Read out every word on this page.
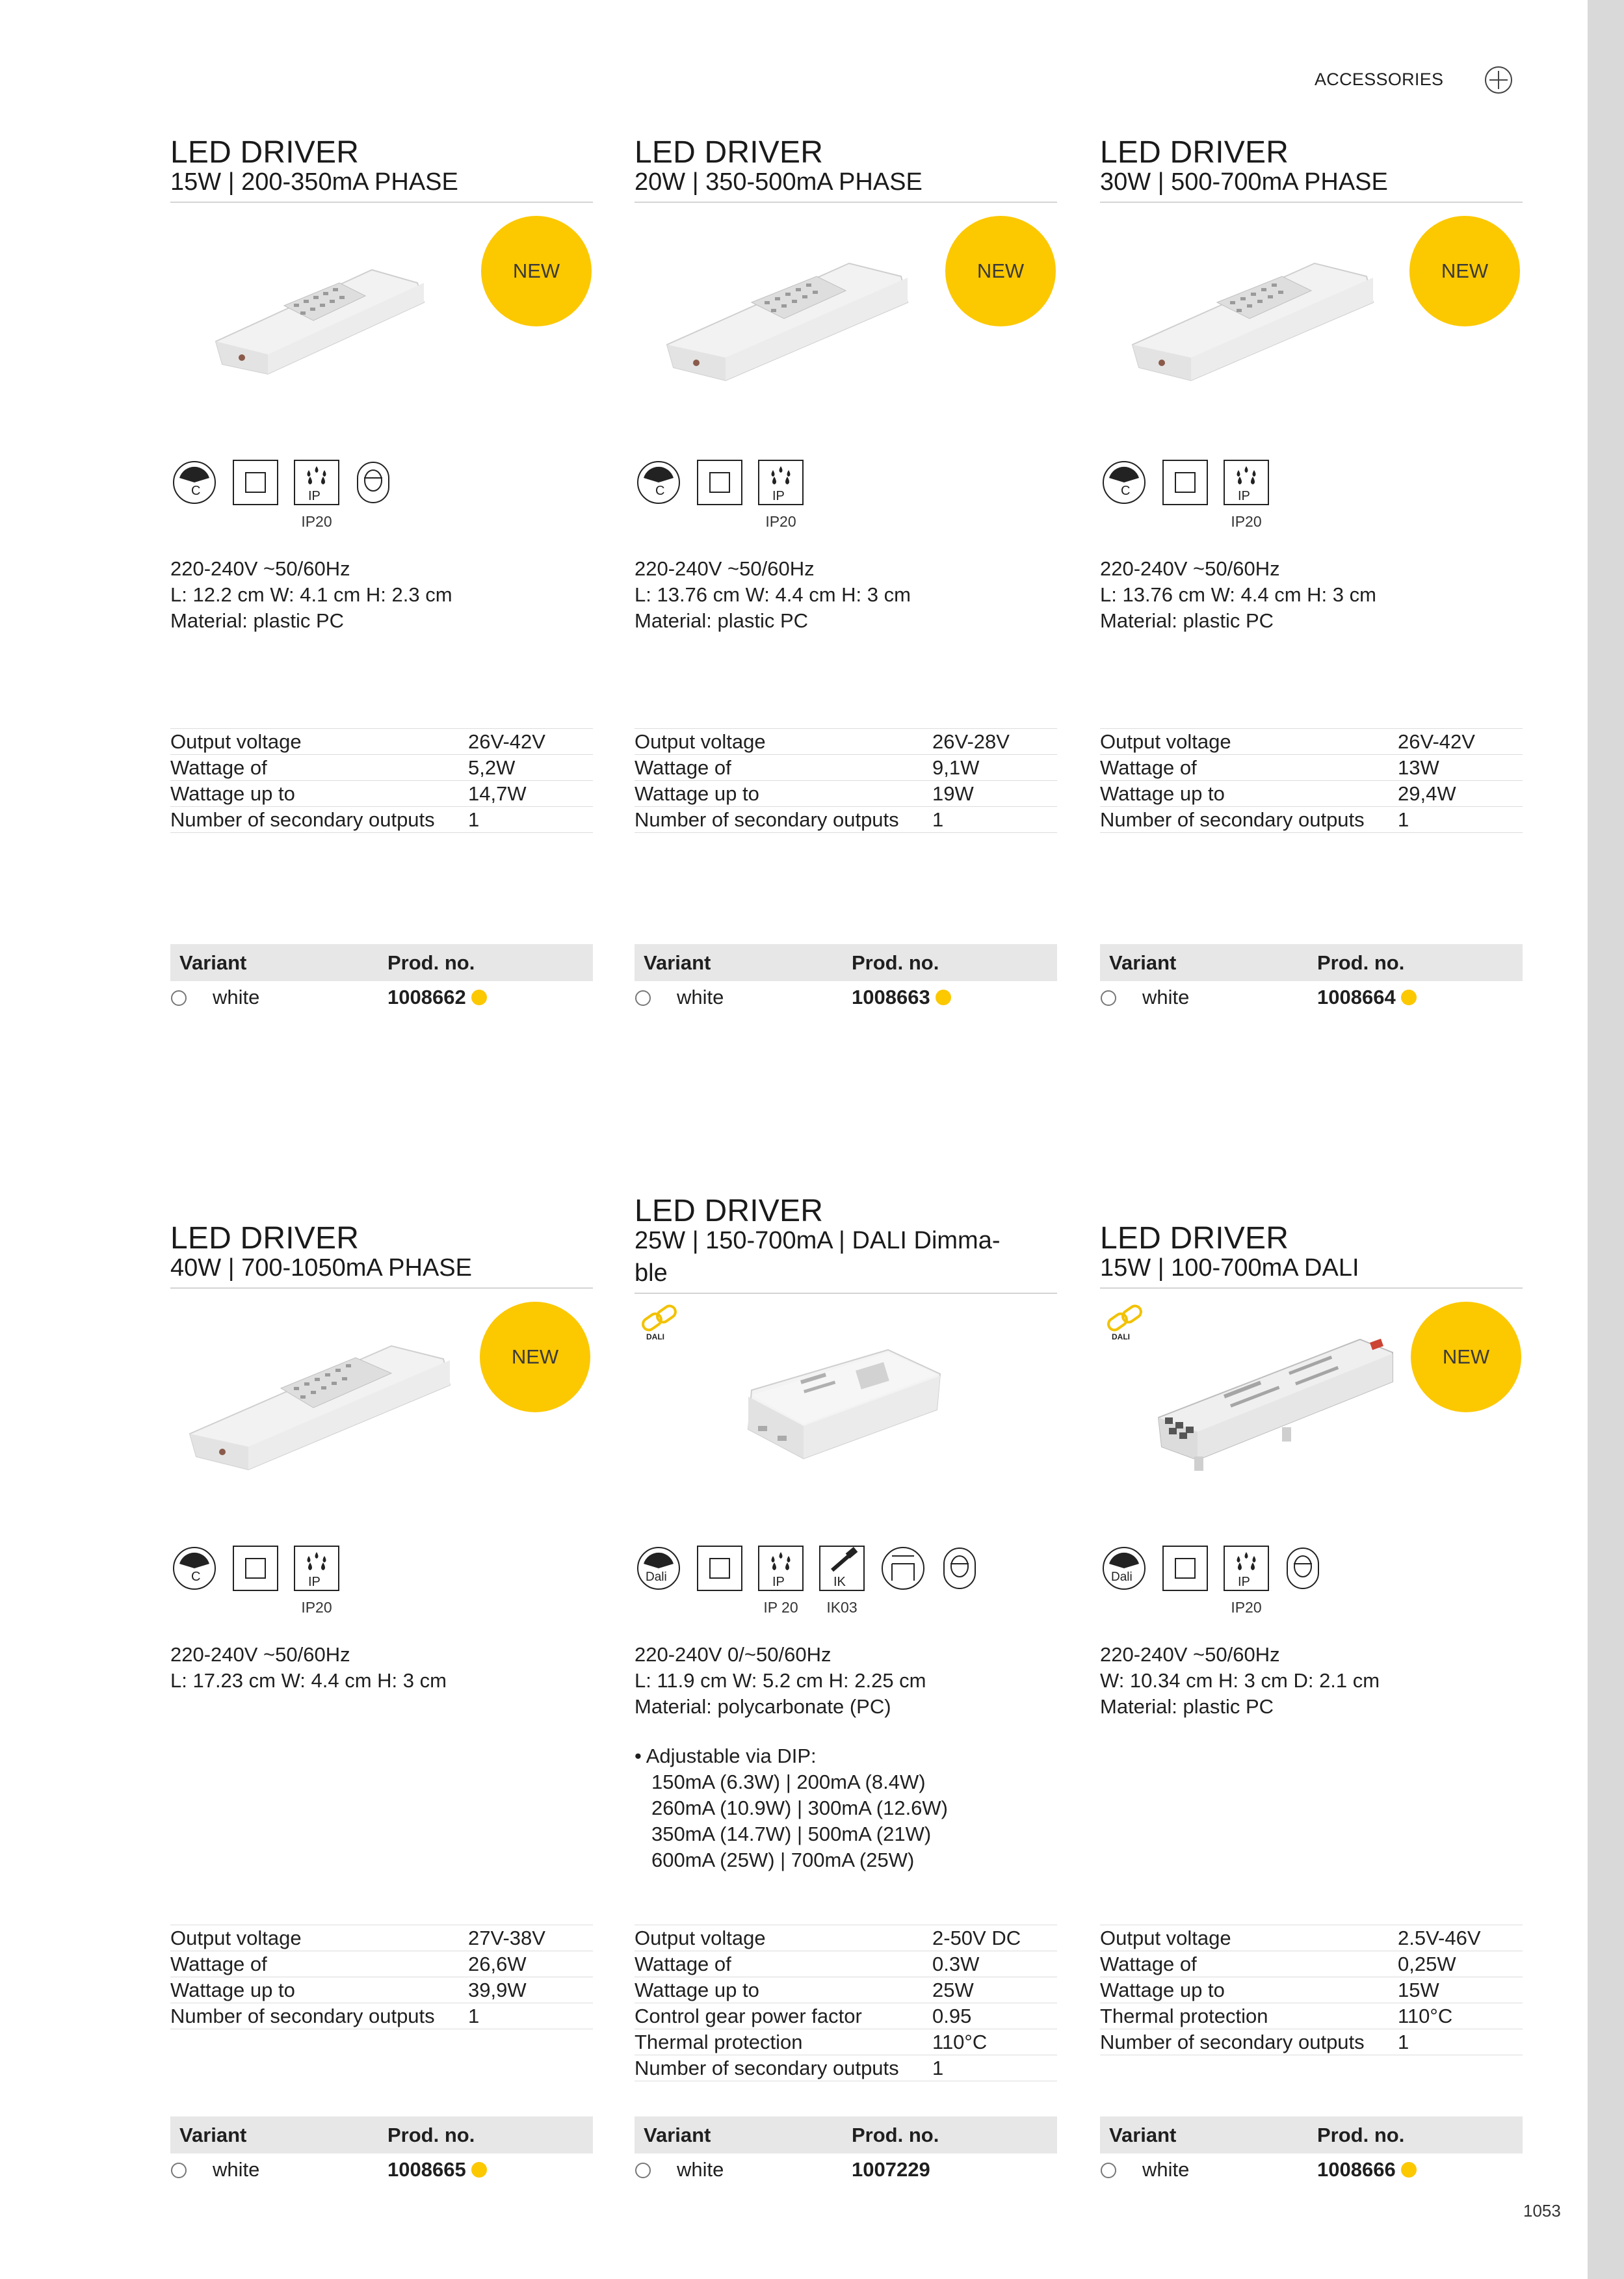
ACCESSORIES
LED DRIVER
15W | 200-350mA PHASE
NEW
C	IP
IP20
220-240V ~50/60Hz
L: 12.2 cm W: 4.1 cm H: 2.3 cm
Material: plastic PC
Output voltage	26V-42V
Wattage of	5,2W
Wattage up to	14,7W
Number of secondary outputs 1
Variant	Prod. no.
white	1008662
LED DRIVER
20W | 350-500mA PHASE
NEW
C	IP
IP20
220-240V ~50/60Hz
L: 13.76 cm W: 4.4 cm H: 3 cm
Material: plastic PC
Output voltage	26V-28V
Wattage of	9,1W
Wattage up to	19W
Number of secondary outputs 1
Variant	Prod. no.
white	1008663
LED DRIVER
30W | 500-700mA PHASE
NEW
C	IP
IP20
220-240V ~50/60Hz
L: 13.76 cm W: 4.4 cm H: 3 cm
Material: plastic PC
Output voltage	26V-42V
Wattage of	13W
Wattage up to	29,4W
Number of secondary outputs 1
Variant	Prod. no.
white	1008664
LED DRIVER
40W | 700-1050mA PHASE
NEW
C	IP
IP20
220-240V ~50/60Hz
L: 17.23 cm W: 4.4 cm H: 3 cm
Output voltage	27V-38V
Wattage of	26,6W
Wattage up to	39,9W
Number of secondary outputs 1
Variant	Prod. no.
white	1008665
LED DRIVER
25W | 150-700mA | DALI Dimma-
ble
DALI
Dali	IP
IP 20
IK
IK03
220-240V 0/~50/60Hz
L: 11.9 cm W: 5.2 cm H: 2.25 cm
Material: polycarbonate (PC)
• Adjustable via DIP:
150mA (6.3W) | 200mA (8.4W)
260mA (10.9W) | 300mA (12.6W)
350mA (14.7W) | 500mA (21W)
600mA (25W) | 700mA (25W)
Output voltage	2-50V DC
Wattage of	0.3W
Wattage up to	25W
Control gear power factor	0.95
Thermal protection	110°C
Number of secondary outputs 1
Variant	Prod. no.
white	1007229
LED DRIVER
15W | 100-700mA DALI
DALI
NEW
Dali	IP
IP20
220-240V ~50/60Hz
W: 10.34 cm H: 3 cm D: 2.1 cm
Material: plastic PC
Output voltage	2.5V-46V
Wattage of	0,25W
Wattage up to	15W
Thermal protection	110°C
Number of secondary outputs 1
Variant	Prod. no.
white	1008666
1053
